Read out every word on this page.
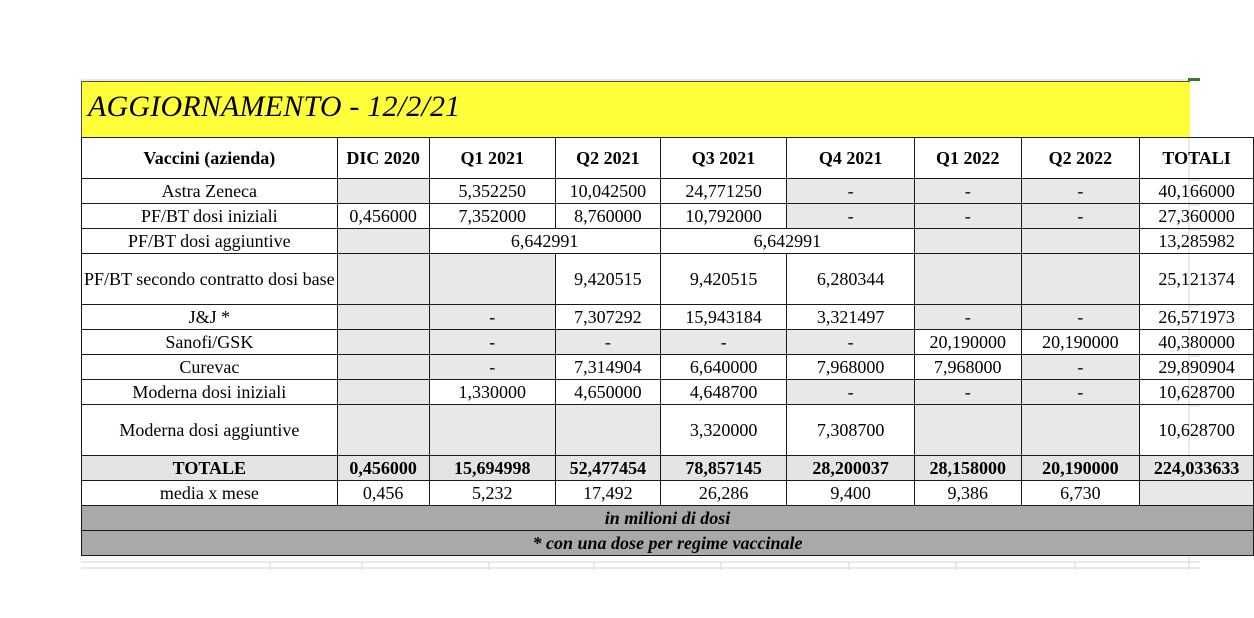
AGGIORNAMENTO - 12/2/21
Vaccini (azienda)	DIC 2020	Q1 2021	Q2 2021	Q3 2021	Q4 2021	Q1 2022	Q2 2022	TOTALI
Astra Zeneca		5,352250	10,042500	24,771250	-	-	-	40,166000
PF/BT dosi iniziali	0,456000	7,352000	8,760000	10,792000	-	-	-	27,360000
PF/BT dosi aggiuntive		6,642991		6,642991				13,285982
PF/BT secondo contratto dosi base			9,420515	9,420515	6,280344			25,121374
J&J *		-	7,307292	15,943184	3,321497	-	-	26,571973
Sanofi/GSK		-	-	-	-	20,190000	20,190000	40,380000
Curevac		-	7,314904	6,640000	7,968000	7,968000	-	29,890904
Moderna dosi iniziali		1,330000	4,650000	4,648700	-	-	-	10,628700
Moderna dosi aggiuntive				3,320000	7,308700			10,628700
TOTALE	0,456000	15,694998	52,477454	78,857145	28,200037	28,158000	20,190000	224,033633
media x mese	0,456	5,232	17,492	26,286	9,400	9,386	6,730	
in milioni di dosi								
* con una dose per regime vaccinale								
